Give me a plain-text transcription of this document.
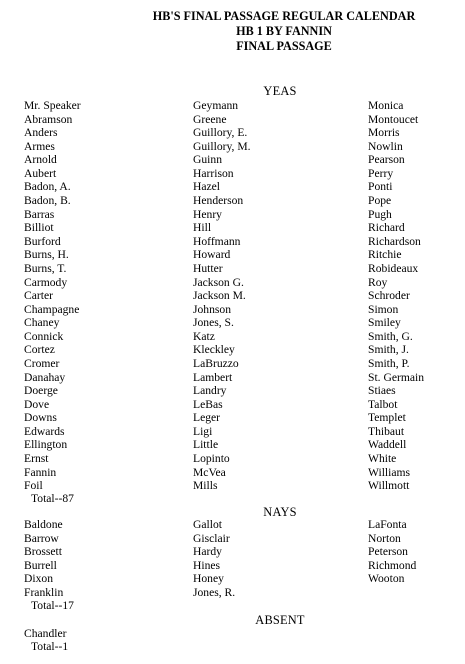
HB'S FINAL PASSAGE REGULAR CALENDAR
HB 1 BY FANNIN
FINAL PASSAGE
YEAS
Mr. Speaker
Abramson
Anders
Armes
Arnold
Aubert
Badon, A.
Badon, B.
Barras
Billiot
Burford
Burns, H.
Burns, T.
Carmody
Carter
Champagne
Chaney
Connick
Cortez
Cromer
Danahay
Doerge
Dove
Downs
Edwards
Ellington
Ernst
Fannin
Foil
Geymann
Greene
Guillory, E.
Guillory, M.
Guinn
Harrison
Hazel
Henderson
Henry
Hill
Hoffmann
Howard
Hutter
Jackson G.
Jackson M.
Johnson
Jones, S.
Katz
Kleckley
LaBruzzo
Lambert
Landry
LeBas
Leger
Ligi
Little
Lopinto
McVea
Mills
Monica
Montoucet
Morris
Nowlin
Pearson
Perry
Ponti
Pope
Pugh
Richard
Richardson
Ritchie
Robideaux
Roy
Schroder
Simon
Smiley
Smith, G.
Smith, J.
Smith, P.
St. Germain
Stiaes
Talbot
Templet
Thibaut
Waddell
White
Williams
Willmott
Total--87
NAYS
Baldone
Barrow
Brossett
Burrell
Dixon
Franklin
Gallot
Gisclair
Hardy
Hines
Honey
Jones, R.
LaFonta
Norton
Peterson
Richmond
Wooton
Total--17
ABSENT
Chandler
Total--1
